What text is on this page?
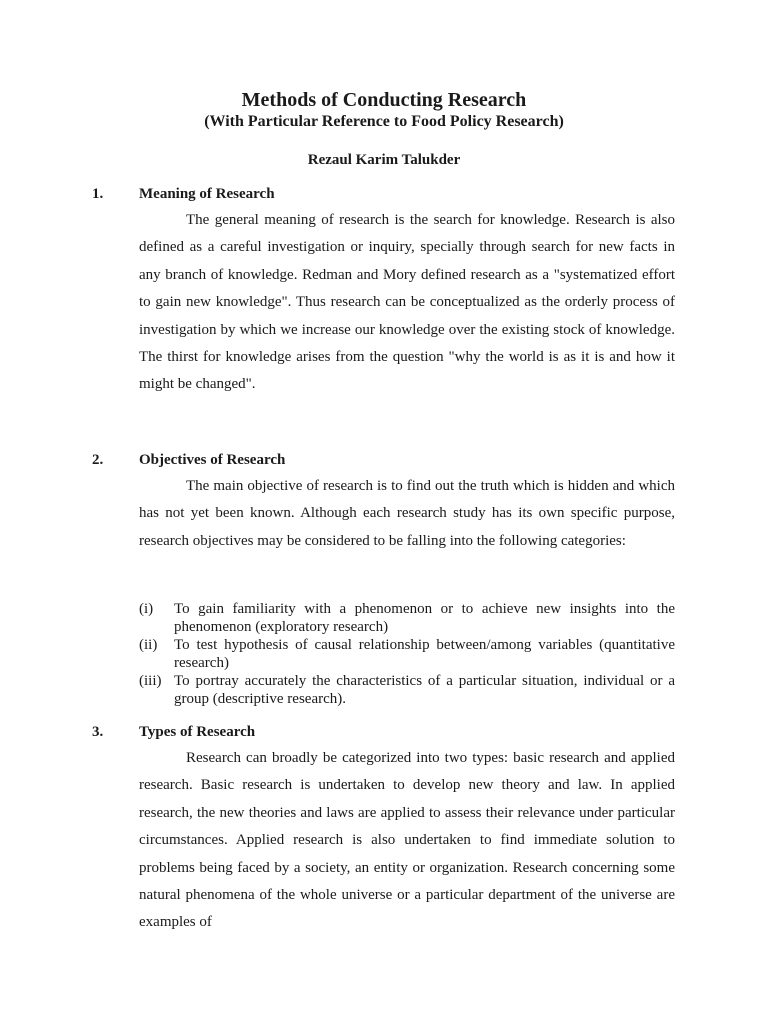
Methods of Conducting Research
(With Particular Reference to Food Policy Research)
Rezaul Karim Talukder
1. Meaning of Research

The general meaning of research is the search for knowledge. Research is also defined as a careful investigation or inquiry, specially through search for new facts in any branch of knowledge. Redman and Mory defined research as a "systematized effort to gain new knowledge". Thus research can be conceptualized as the orderly process of investigation by which we increase our knowledge over the existing stock of knowledge. The thirst for knowledge arises from the question "why the world is as it is and how it might be changed".

2. Objectives of Research

The main objective of research is to find out the truth which is hidden and which has not yet been known. Although each research study has its own specific purpose, research objectives may be considered to be falling into the following categories:

(i) To gain familiarity with a phenomenon or to achieve new insights into the phenomenon (exploratory research)
(ii) To test hypothesis of causal relationship between/among variables (quantitative research)
(iii) To portray accurately the characteristics of a particular situation, individual or a group (descriptive research).
3. Types of Research

Research can broadly be categorized into two types: basic research and applied research. Basic research is undertaken to develop new theory and law. In applied research, the new theories and laws are applied to assess their relevance under particular circumstances. Applied research is also undertaken to find immediate solution to problems being faced by a society, an entity or organization. Research concerning some natural phenomena of the whole universe or a particular department of the universe are examples of
